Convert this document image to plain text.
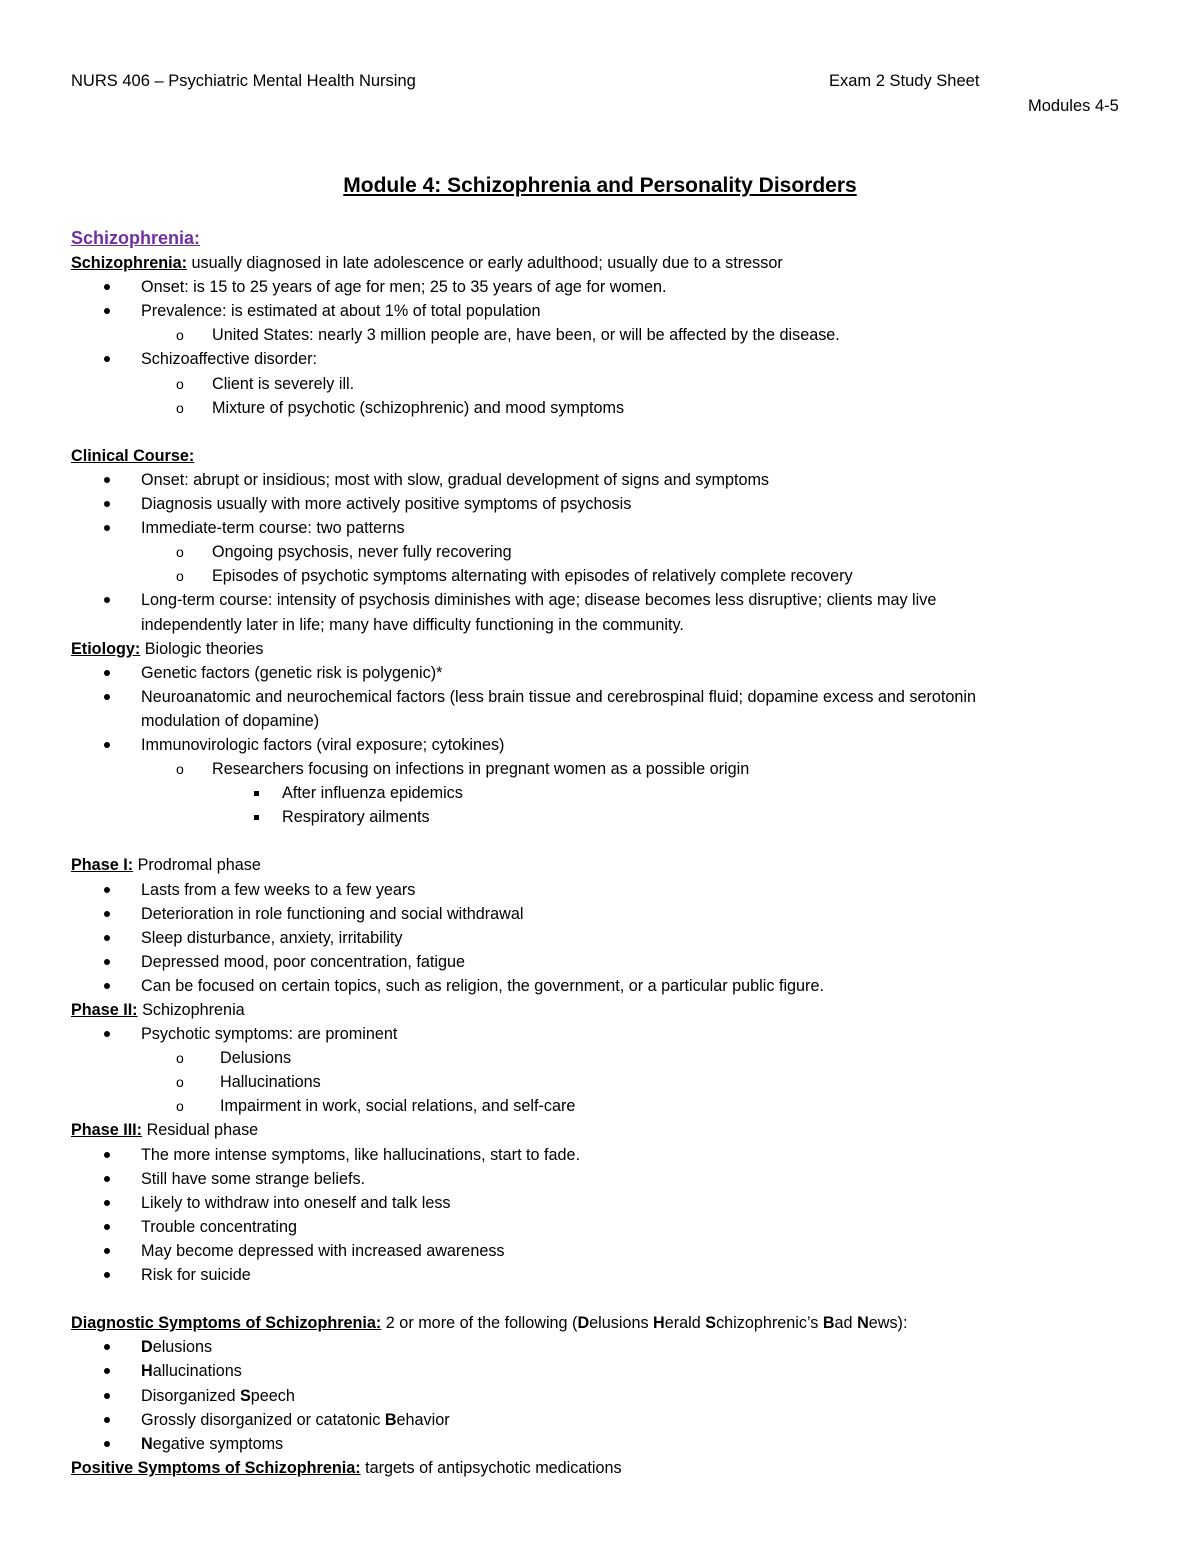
NURS 406 – Psychiatric Mental Health Nursing	Exam 2 Study Sheet
Modules 4-5
Module 4: Schizophrenia and Personality Disorders
Schizophrenia:
Schizophrenia: usually diagnosed in late adolescence or early adulthood; usually due to a stressor
Onset: is 15 to 25 years of age for men; 25 to 35 years of age for women.
Prevalence: is estimated at about 1% of total population
o United States: nearly 3 million people are, have been, or will be affected by the disease.
Schizoaffective disorder:
o Client is severely ill.
o Mixture of psychotic (schizophrenic) and mood symptoms
Clinical Course:
Onset: abrupt or insidious; most with slow, gradual development of signs and symptoms
Diagnosis usually with more actively positive symptoms of psychosis
Immediate-term course: two patterns
o Ongoing psychosis, never fully recovering
o Episodes of psychotic symptoms alternating with episodes of relatively complete recovery
Long-term course: intensity of psychosis diminishes with age; disease becomes less disruptive; clients may live
independently later in life; many have difficulty functioning in the community.
Etiology: Biologic theories
Genetic factors (genetic risk is polygenic)*
Neuroanatomic and neurochemical factors (less brain tissue and cerebrospinal fluid; dopamine excess and serotonin
modulation of dopamine)
Immunovirologic factors (viral exposure; cytokines)
o Researchers focusing on infections in pregnant women as a possible origin
After influenza epidemics
Respiratory ailments
Phase I: Prodromal phase
Lasts from a few weeks to a few years
Deterioration in role functioning and social withdrawal
Sleep disturbance, anxiety, irritability
Depressed mood, poor concentration, fatigue
Can be focused on certain topics, such as religion, the government, or a particular public figure.
Phase II: Schizophrenia
Psychotic symptoms: are prominent
o Delusions
o Hallucinations
o Impairment in work, social relations, and self-care
Phase III: Residual phase
The more intense symptoms, like hallucinations, start to fade.
Still have some strange beliefs.
Likely to withdraw into oneself and talk less
Trouble concentrating
May become depressed with increased awareness
Risk for suicide
Diagnostic Symptoms of Schizophrenia: 2 or more of the following (Delusions Herald Schizophrenic’s Bad News):
Delusions
Hallucinations
Disorganized Speech
Grossly disorganized or catatonic Behavior
Negative symptoms
Positive Symptoms of Schizophrenia: targets of antipsychotic medications
